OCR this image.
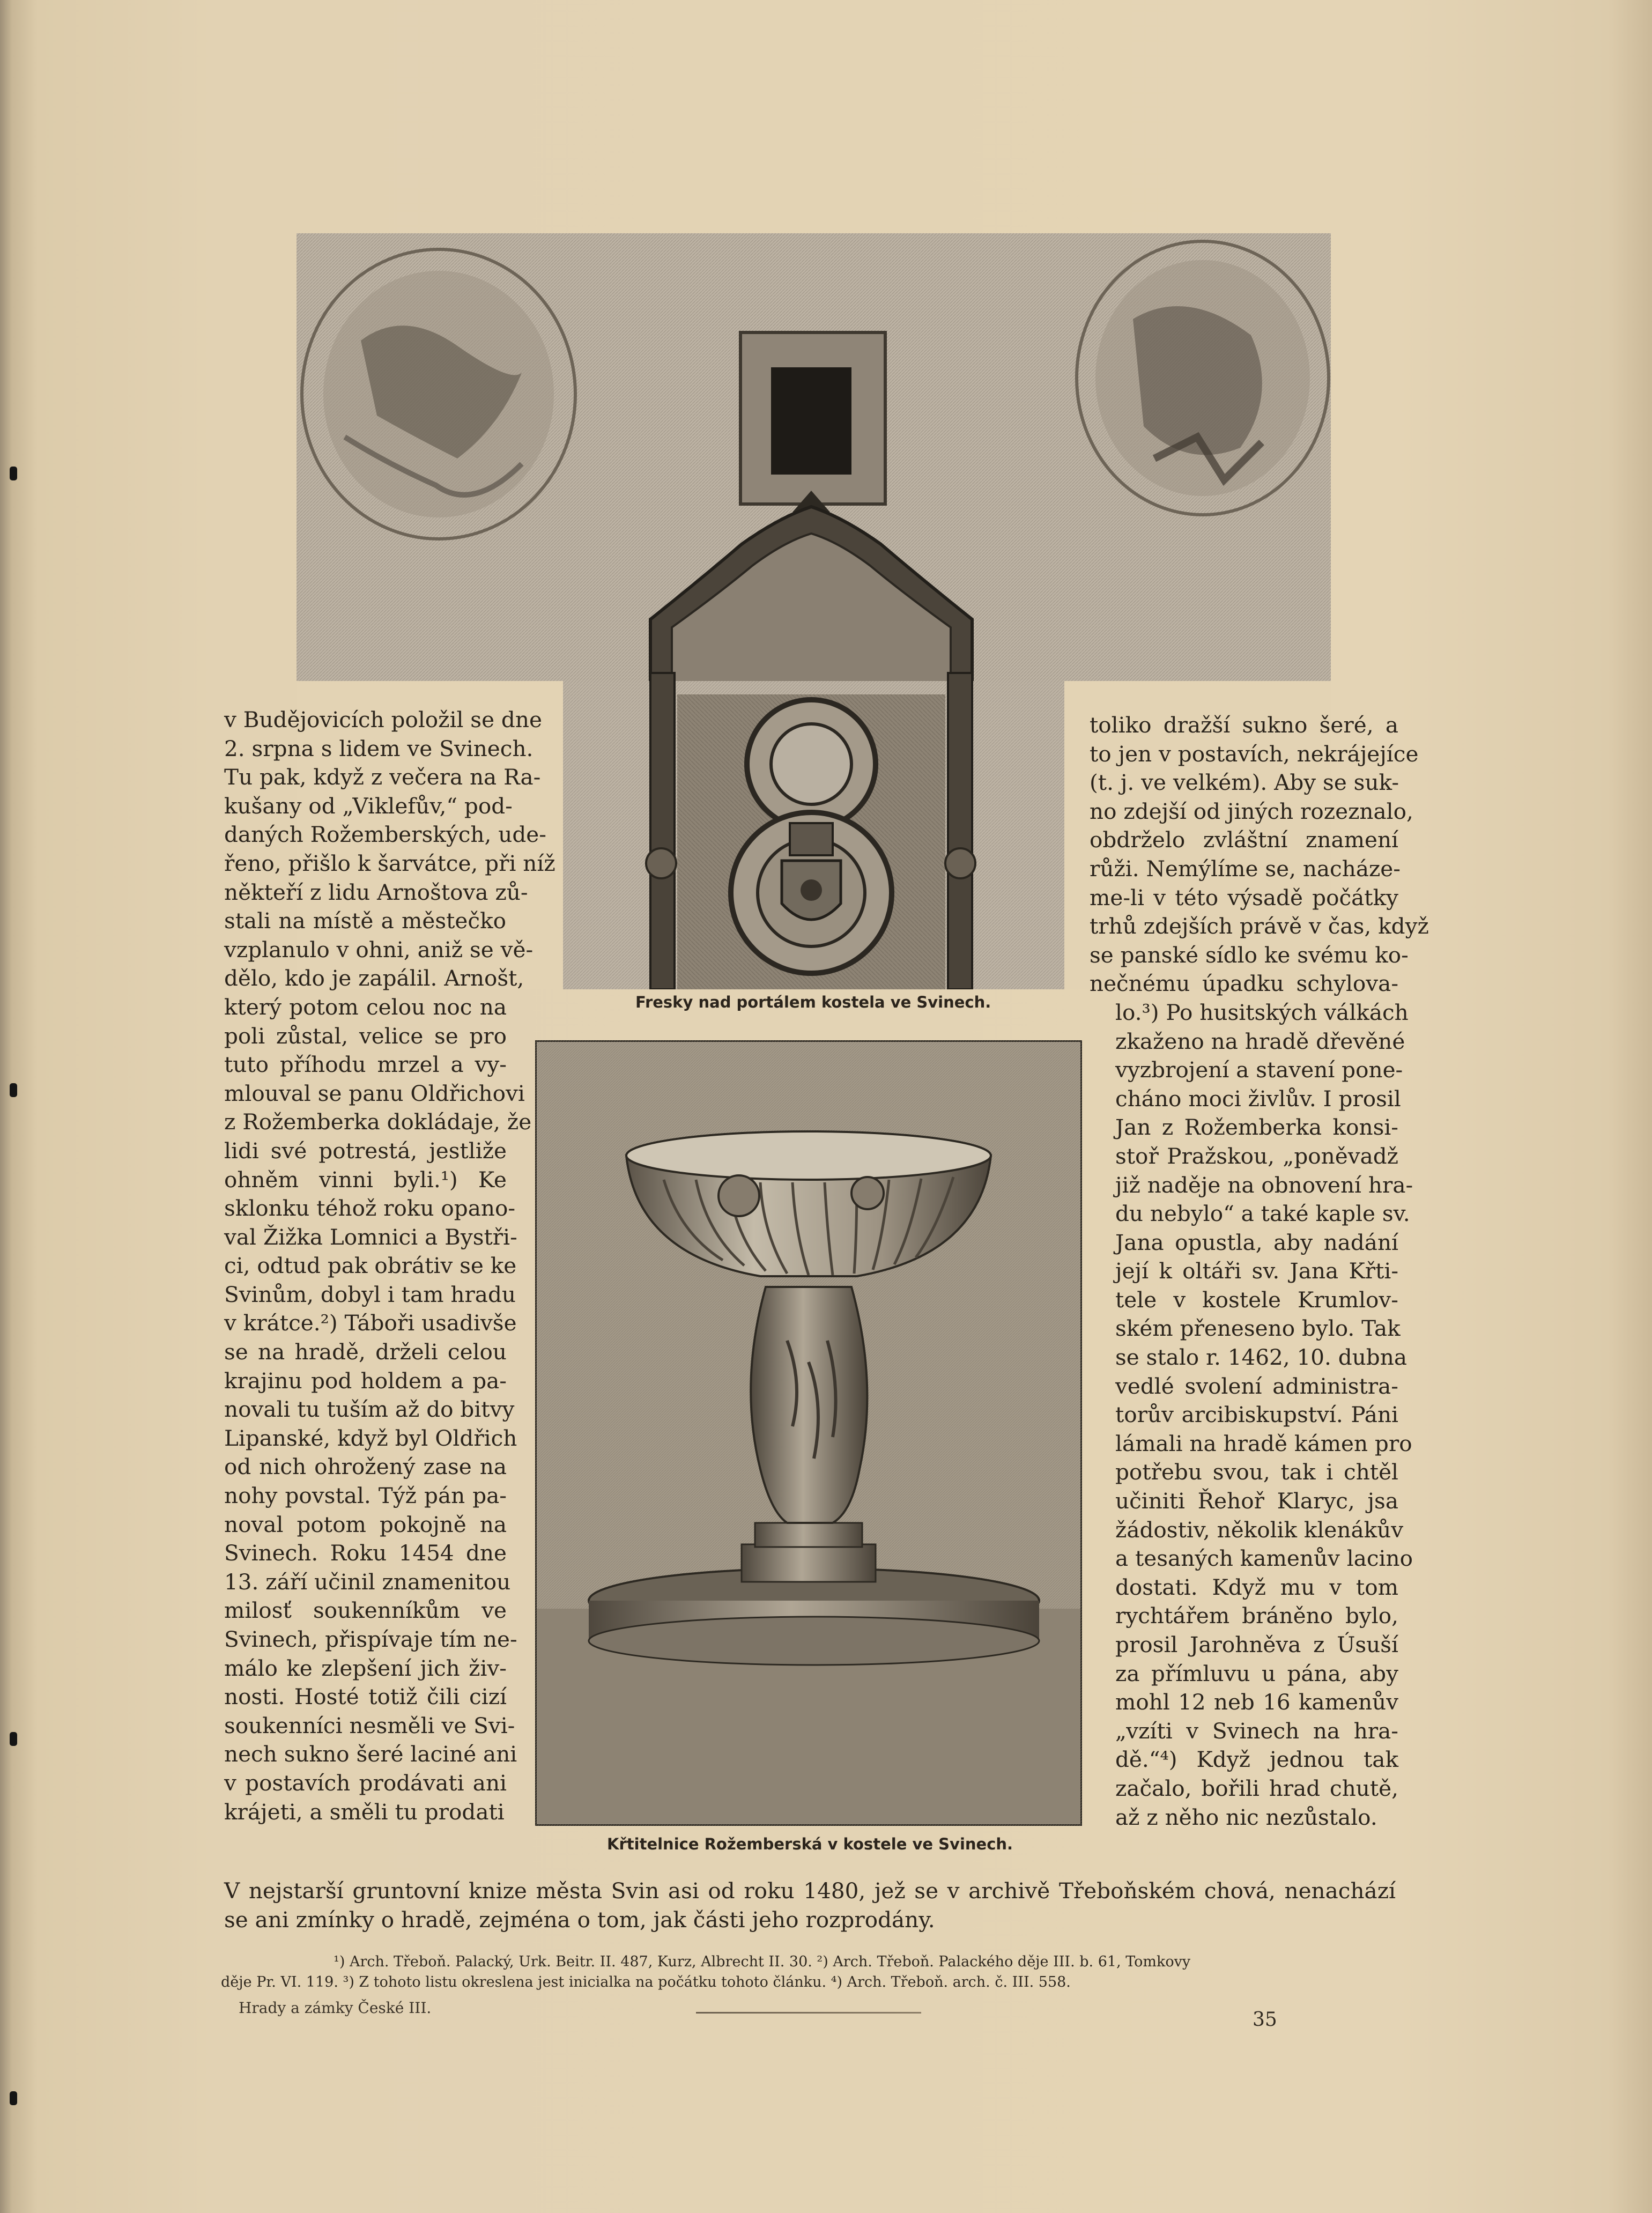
Fresky nad portálem kostela ve Svinech.
Křtitelnice Rožemberská v kostele ve Svinech.
v Budějovicích položil se dne
2. srpna s lidem ve Svinech.
Tu pak, když z večera na Ra-
kušany od „Viklefův,“ pod-
daných Rožemberských, ude-
řeno, přišlo k šarvátce, při níž
někteří z lidu Arnoštova zů-
stali na místě a městečko
vzplanulo v ohni, aniž se vě-
dělo, kdo je zapálil. Arnošt,
který potom celou noc na
poli zůstal, velice se pro
tuto příhodu mrzel a vy-
mlouval se panu Oldřichovi
z Rožemberka dokládaje, že
lidi své potrestá, jestliže
ohněm vinni byli.¹) Ke
sklonku téhož roku opano-
val Žižka Lomnici a Bystři-
ci, odtud pak obrátiv se ke
Svinům, dobyl i tam hradu
v krátce.²) Táboři usadivše
se na hradě, drželi celou
krajinu pod holdem a pa-
novali tu tuším až do bitvy
Lipanské, když byl Oldřich
od nich ohrožený zase na
nohy povstal. Týž pán pa-
noval potom pokojně na
Svinech. Roku 1454 dne
13. září učinil znamenitou
milosť soukenníkům ve
Svinech, přispívaje tím ne-
málo ke zlepšení jich živ-
nosti. Hosté totiž čili cizí
soukenníci nesměli ve Svi-
nech sukno šeré laciné ani
v postavích prodávati ani
krájeti, a směli tu prodati
toliko dražší sukno šeré, a
to jen v postavích, nekrájejíce
(t. j. ve velkém). Aby se suk-
no zdejší od jiných rozeznalo,
obdrželo zvláštní znamení
růži. Nemýlíme se, nacháze-
me-li v této výsadě počátky
trhů zdejších právě v čas, když
se panské sídlo ke svému ko-
nečnému úpadku schylova-
lo.³) Po husitských válkách
zkaženo na hradě dřevěné
vyzbrojení a stavení pone-
cháno moci živlův. I prosil
Jan z Rožemberka konsi-
stoř Pražskou, „poněvadž
již naděje na obnovení hra-
du nebylo“ a také kaple sv.
Jana opustla, aby nadání
její k oltáři sv. Jana Křti-
tele v kostele Krumlov-
ském přeneseno bylo. Tak
se stalo r. 1462, 10. dubna
vedlé svolení administra-
torův arcibiskupství. Páni
lámali na hradě kámen pro
potřebu svou, tak i chtěl
učiniti Řehoř Klaryc, jsa
žádostiv, několik klenákův
a tesaných kamenův lacino
dostati. Když mu v tom
rychtářem bráněno bylo,
prosil Jarohněva z Úsuší
za přímluvu u pána, aby
mohl 12 neb 16 kamenův
„vzíti v Svinech na hra-
dě.“⁴) Když jednou tak
začalo, bořili hrad chutě,
až z něho nic nezůstalo.
V nejstarší gruntovní knize města Svin asi od roku 1480, jež se v archivě Třeboňském chová, nenachází
se ani zmínky o hradě, zejména o tom, jak části jeho rozprodány.
¹) Arch. Třeboň. Palacký, Urk. Beitr. II. 487, Kurz, Albrecht II. 30. ²) Arch. Třeboň. Palackého děje III. b. 61, Tomkovy
děje Pr. VI. 119. ³) Z tohoto listu okreslena jest inicialka na počátku tohoto článku. ⁴) Arch. Třeboň. arch. č. III. 558.
Hrady a zámky České III.
35
